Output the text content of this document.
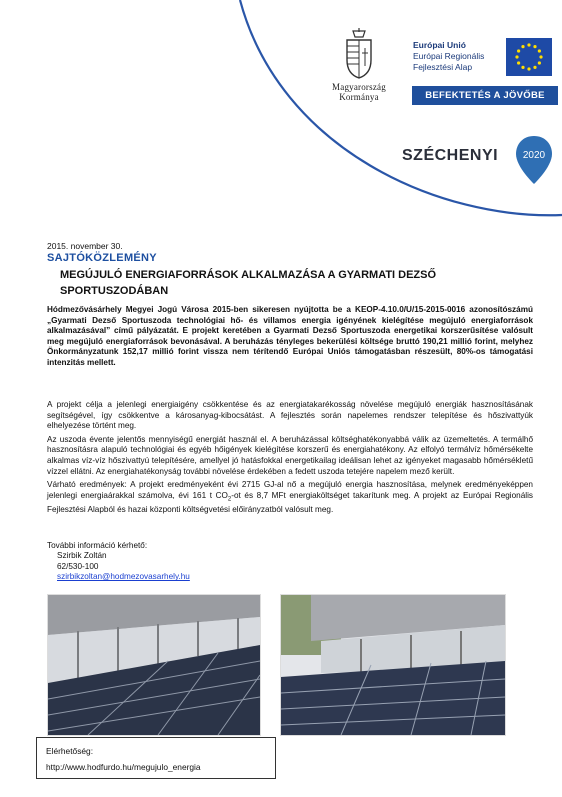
Magyarország
Kormánya
Európai Unió
Európai Regionális
Fejlesztési Alap
BEFEKTETÉS A JÖVŐBE
SZÉCHENYI 2020
2015. november 30.
SAJTÓKÖZLEMÉNY
MEGÚJULÓ ENERGIAFORRÁSOK ALKALMAZÁSA A GYARMATI DEZSŐ SPORTUSZODÁBAN
Hódmezővásárhely Megyei Jogú Városa 2015-ben sikeresen nyújtotta be a KEOP-4.10.0/U/15-2015-0016 azonosítószámú „Gyarmati Dezső Sportuszoda technológiai hő- és villamos energia igényének kielégítése megújuló energiaforrások alkalmazásával” című pályázatát. E projekt keretében a Gyarmati Dezső Sportuszoda energetikai korszerűsítése valósult meg megújuló energiaforrások bevonásával. A beruházás tényleges bekerülési költsége bruttó 190,21 millió forint, melyhez Önkormányzatunk 152,17 millió forint vissza nem térítendő Európai Uniós támogatásban részesült, 80%-os támogatási intenzitás mellett.

A projekt célja a jelenlegi energiaigény csökkentése és az energiatakarékosság növelése megújuló energiák hasznosításának segítségével, így csökkentve a károsanyag-kibocsátást. A fejlesztés során napelemes rendszer telepítése és hőszivattyúk elhelyezése történt meg.

Az uszoda évente jelentős mennyiségű energiát használ el. A beruházással költséghatékonyabbá válik az üzemeltetés. A termálhő hasznosításra alapuló technológiai és egyéb hőigények kielégítése korszerű és energiahatékony. Az elfolyó termálvíz hőmérsékelte alkalmas víz-víz hőszivattyú telepítésére, amellyel jó hatásfokkal energetikailag ideálisan lehet az igényeket magasabb hőmérsékletű vízzel ellátni. Az energiahatékonyság további növelése érdekében a fedett uszoda tetejére napelem mező került.

Várható eredmények: A projekt eredményeként évi 2715 GJ-al nő a megújuló energia hasznosítása, melynek eredményeképpen jelenlegi energiaárakkal számolva, évi 161 t $CO_2-ot$ és 8,7 MFt energiaköltséget takarítunk meg. A projekt az Európai Regionális Fejlesztési Alapból és hazai központi költségvetési előirányzatból valósult meg.

További információ kérhető:
Szirbik Zoltán
62/530-100
szirbikzoltan@hodmezovasarhely.hu
Elérhetőség:
http://www.hodfurdo.hu/megujulo_energia
